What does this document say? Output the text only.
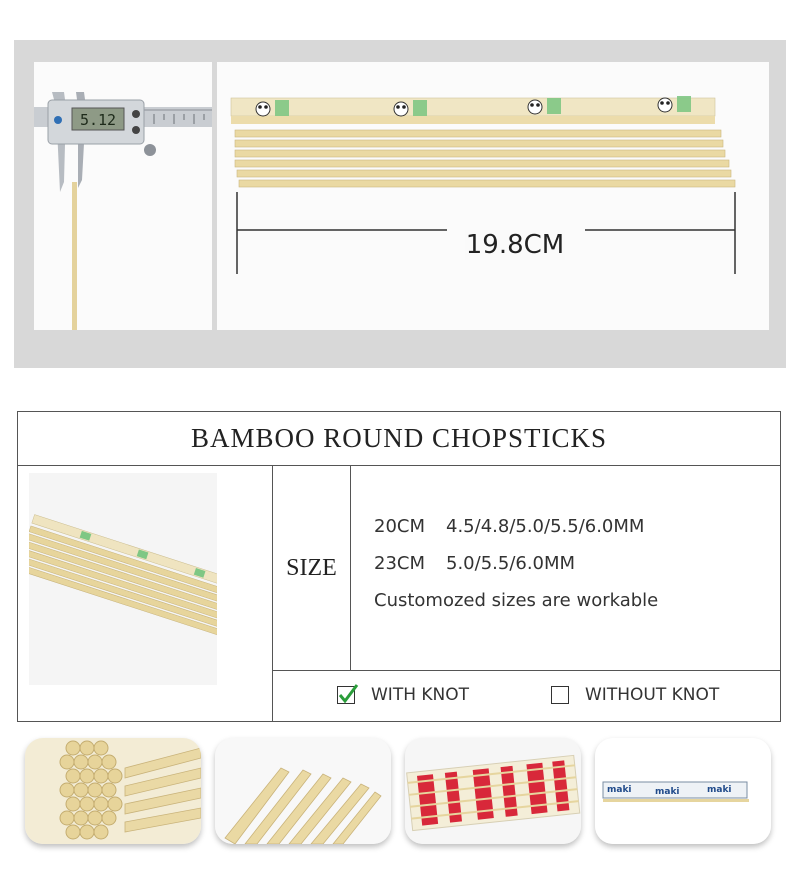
5.12
19.8CM
BAMBOO ROUND CHOPSTICKS
SIZE
20CM 4.5/4.8/5.0/5.5/6.0MM
23CM 5.0/5.5/6.0MM
Customozed sizes are workable
WITH KNOT	WITHOUT KNOT
maki	maki	maki
